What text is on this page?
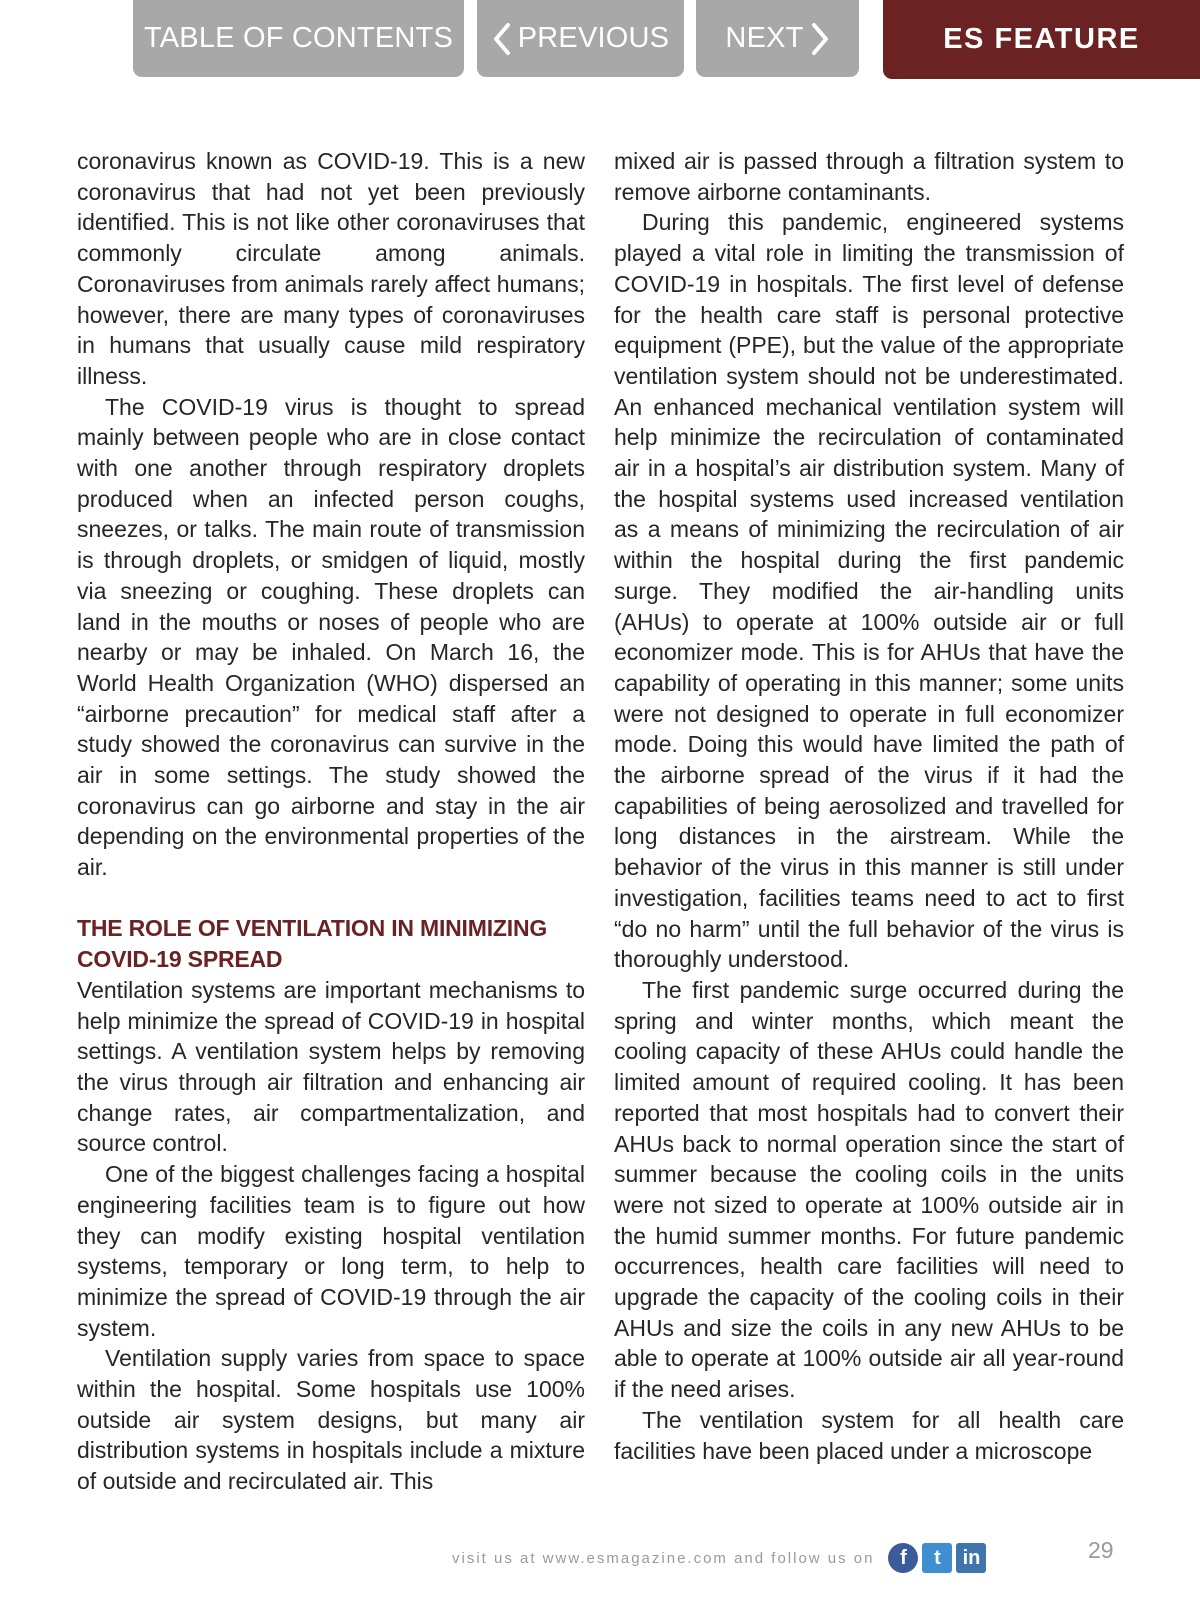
TABLE OF CONTENTS PREVIOUS NEXT	ES FEATURE

coronavirus known as COVID-19. This is a new coronavirus that had not yet been previously identified. This is not like other coronaviruses that commonly circulate among animals. Coronaviruses from animals rarely affect humans; however, there are many types of coronaviruses in humans that usually cause mild respiratory illness.

The COVID-19 virus is thought to spread mainly between people who are in close contact with one another through respiratory droplets produced when an infected person coughs, sneezes, or talks. The main route of transmission is through droplets, or smidgen of liquid, mostly via sneezing or coughing. These droplets can land in the mouths or noses of people who are nearby or may be inhaled. On March 16, the World Health Organization (WHO) dispersed an “airborne precaution” for medical staff after a study showed the coronavirus can survive in the air in some settings. The study showed the coronavirus can go airborne and stay in the air depending on the environmental properties of the air.

THE ROLE OF VENTILATION IN MINIMIZING COVID-19 SPREAD

Ventilation systems are important mechanisms to help minimize the spread of COVID-19 in hospital settings. A ventilation system helps by removing the virus through air filtration and enhancing air change rates, air compartmentalization, and source control.

One of the biggest challenges facing a hospital engineering facilities team is to figure out how they can modify existing hospital ventilation systems, temporary or long term, to help to minimize the spread of COVID-19 through the air system.

Ventilation supply varies from space to space within the hospital. Some hospitals use 100% outside air system designs, but many air distribution systems in hospitals include a mixture of outside and recirculated air. This

mixed air is passed through a filtration system to remove airborne contaminants.

During this pandemic, engineered systems played a vital role in limiting the transmission of COVID-19 in hospitals. The first level of defense for the health care staff is personal protective equipment (PPE), but the value of the appropriate ventilation system should not be underestimated. An enhanced mechanical ventilation system will help minimize the recirculation of contaminated air in a hospital’s air distribution system. Many of the hospital systems used increased ventilation as a means of minimizing the recirculation of air within the hospital during the first pandemic surge. They modified the air-handling units (AHUs) to operate at 100% outside air or full economizer mode. This is for AHUs that have the capability of operating in this manner; some units were not designed to operate in full economizer mode. Doing this would have limited the path of the airborne spread of the virus if it had the capabilities of being aerosolized and travelled for long distances in the airstream. While the behavior of the virus in this manner is still under investigation, facilities teams need to act to first “do no harm” until the full behavior of the virus is thoroughly understood.

The first pandemic surge occurred during the spring and winter months, which meant the cooling capacity of these AHUs could handle the limited amount of required cooling. It has been reported that most hospitals had to convert their AHUs back to normal operation since the start of summer because the cooling coils in the units were not sized to operate at 100% outside air in the humid summer months. For future pandemic occurrences, health care facilities will need to upgrade the capacity of the cooling coils in their AHUs and size the coils in any new AHUs to be able to operate at 100% outside air all year-round if the need arises.

The ventilation system for all health care facilities have been placed under a microscope

visit us at www.esmagazine.com and follow us on	f	t	in	29
